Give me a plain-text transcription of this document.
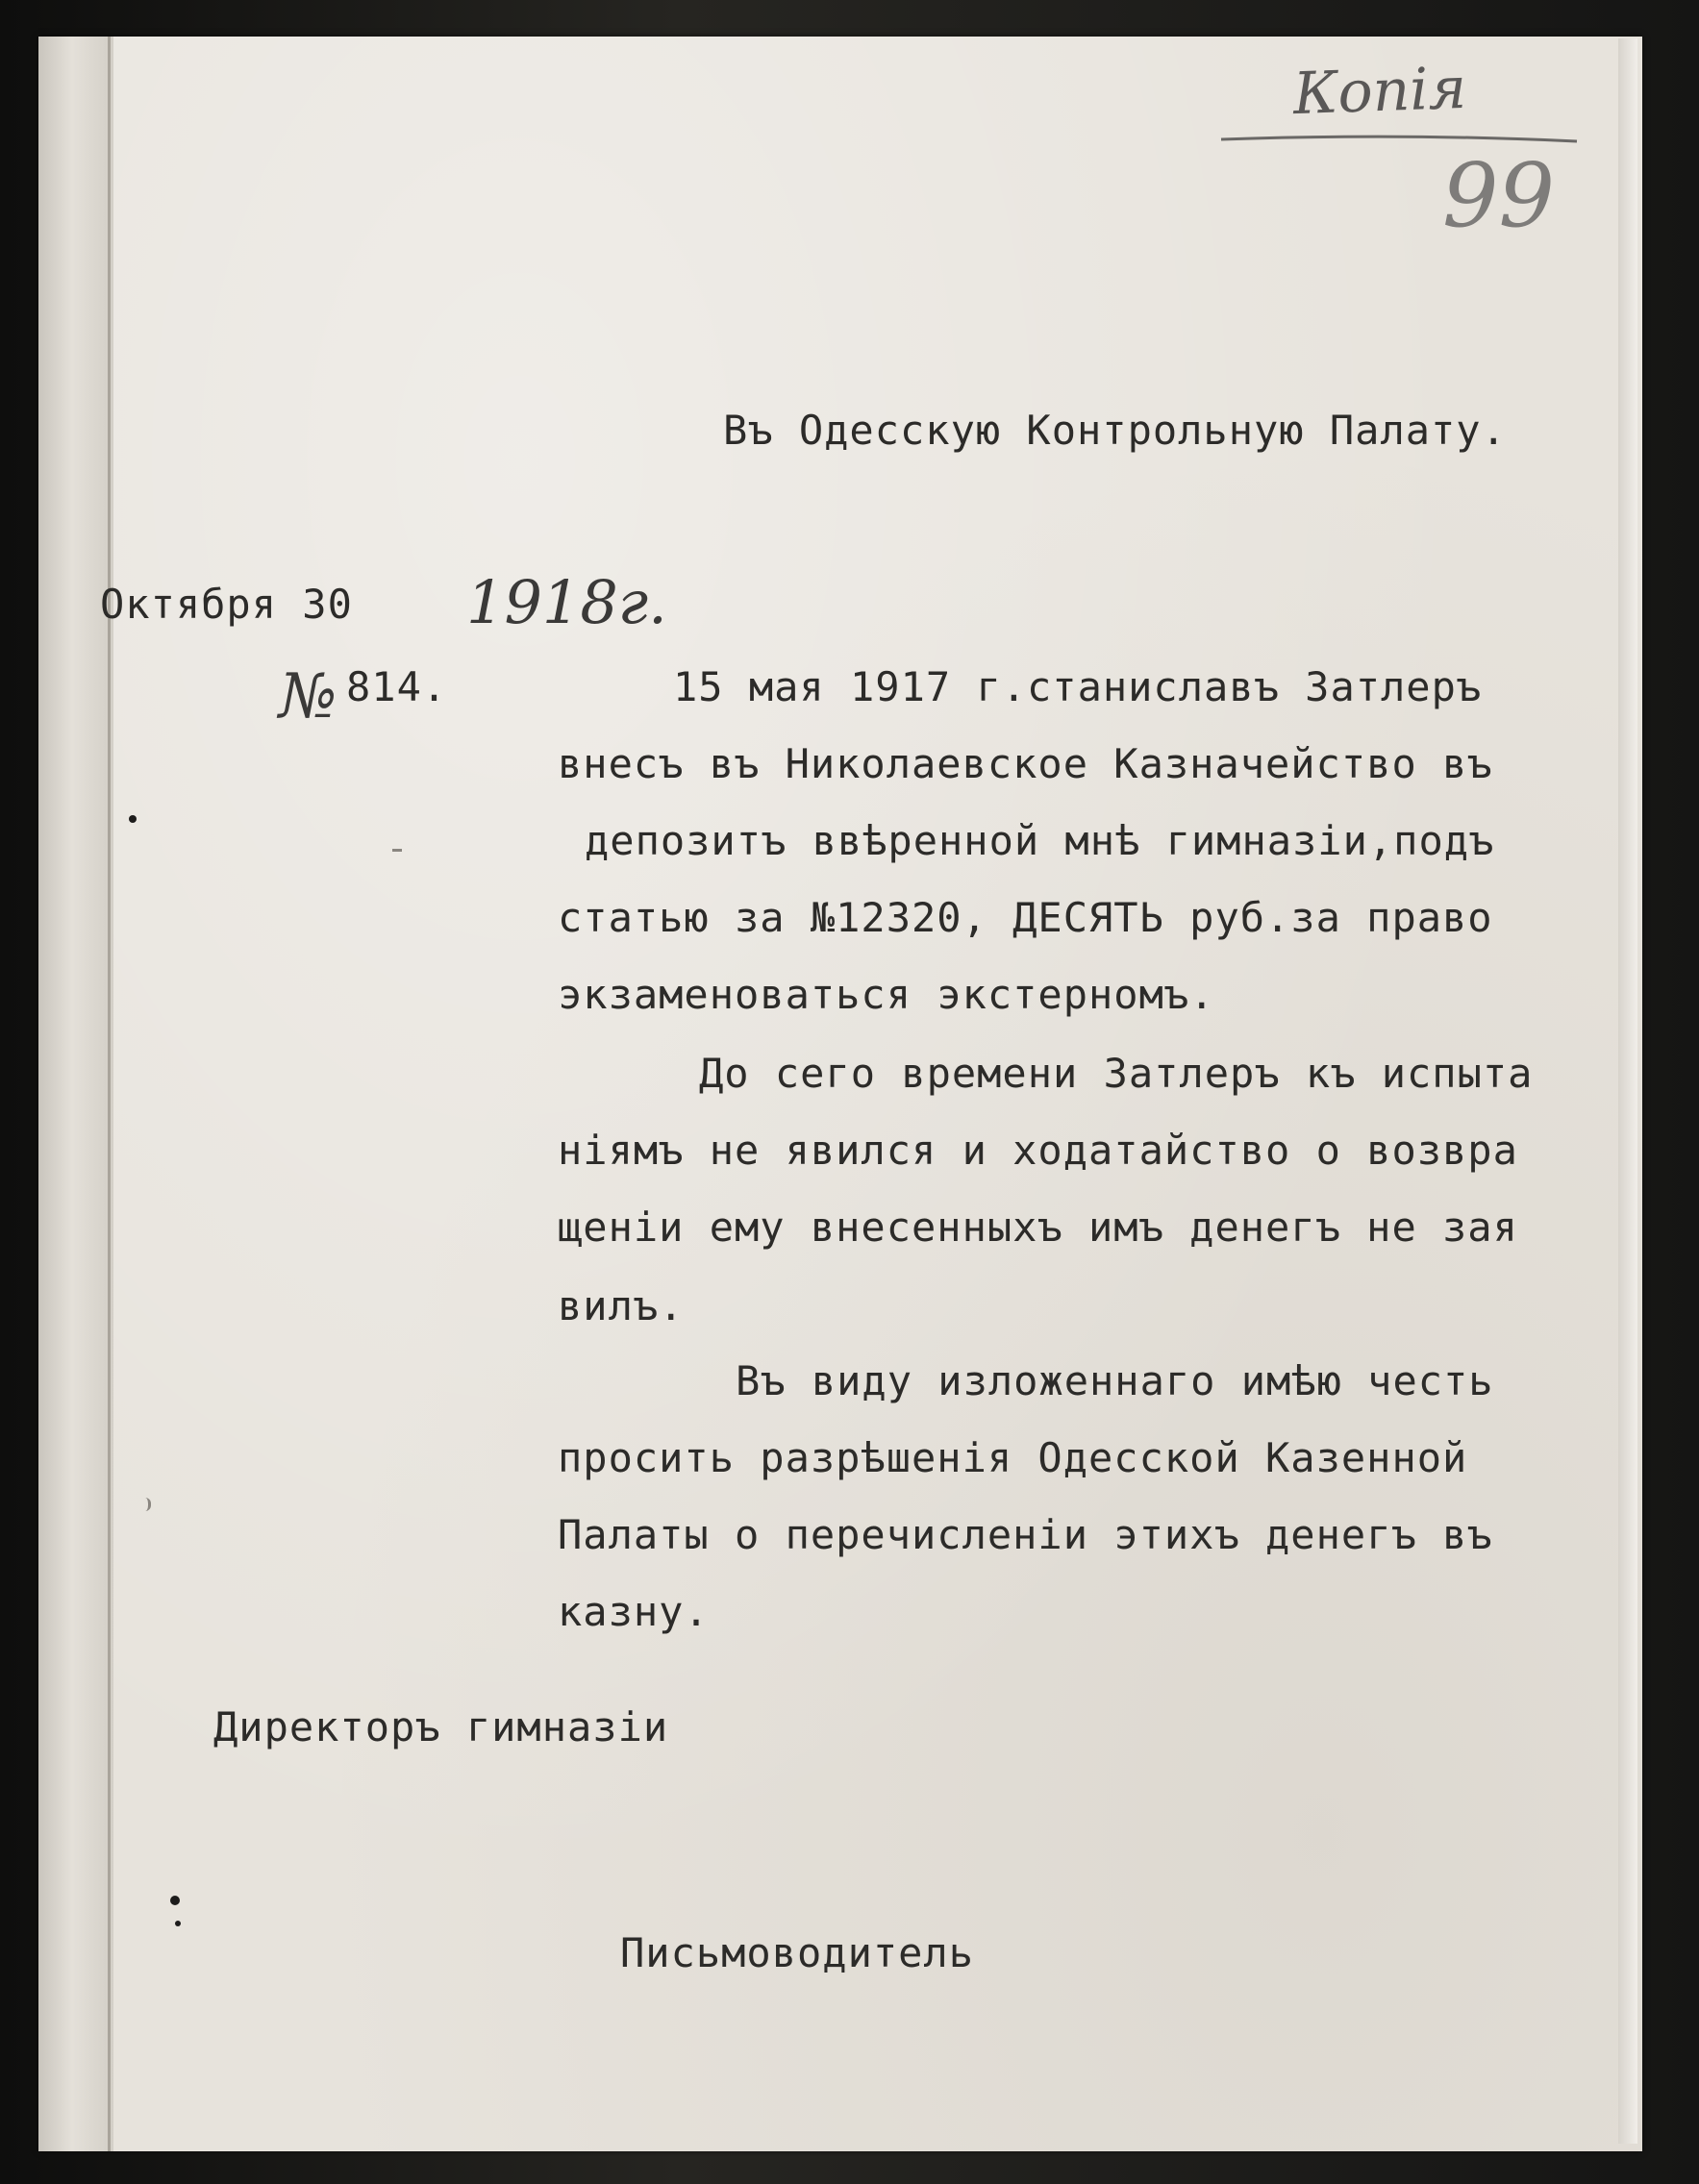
Копія
99
Въ Одесскую Контрольную Палату.
Октября 30 1918г.
№ 814.	15 мая 1917 г.станиславъ Затлеръ
внесъ въ Николаевское Казначейство въ
депозитъ ввѣренной мнѣ гимназіи,подъ
статью за №12320, ДЕСЯТЬ руб.за право
экзаменоваться экстерномъ.
До сего времени Затлеръ къ испыта
ніямъ не явился и ходатайство о возвра
щеніи ему внесенныхъ имъ денегъ не зая
вилъ.
Въ виду изложеннаго имѣю честь
просить разрѣшенія Одесской Казенной
Палаты о перечисленіи этихъ денегъ въ
казну.
Директоръ гимназіи
Письмоводитель
